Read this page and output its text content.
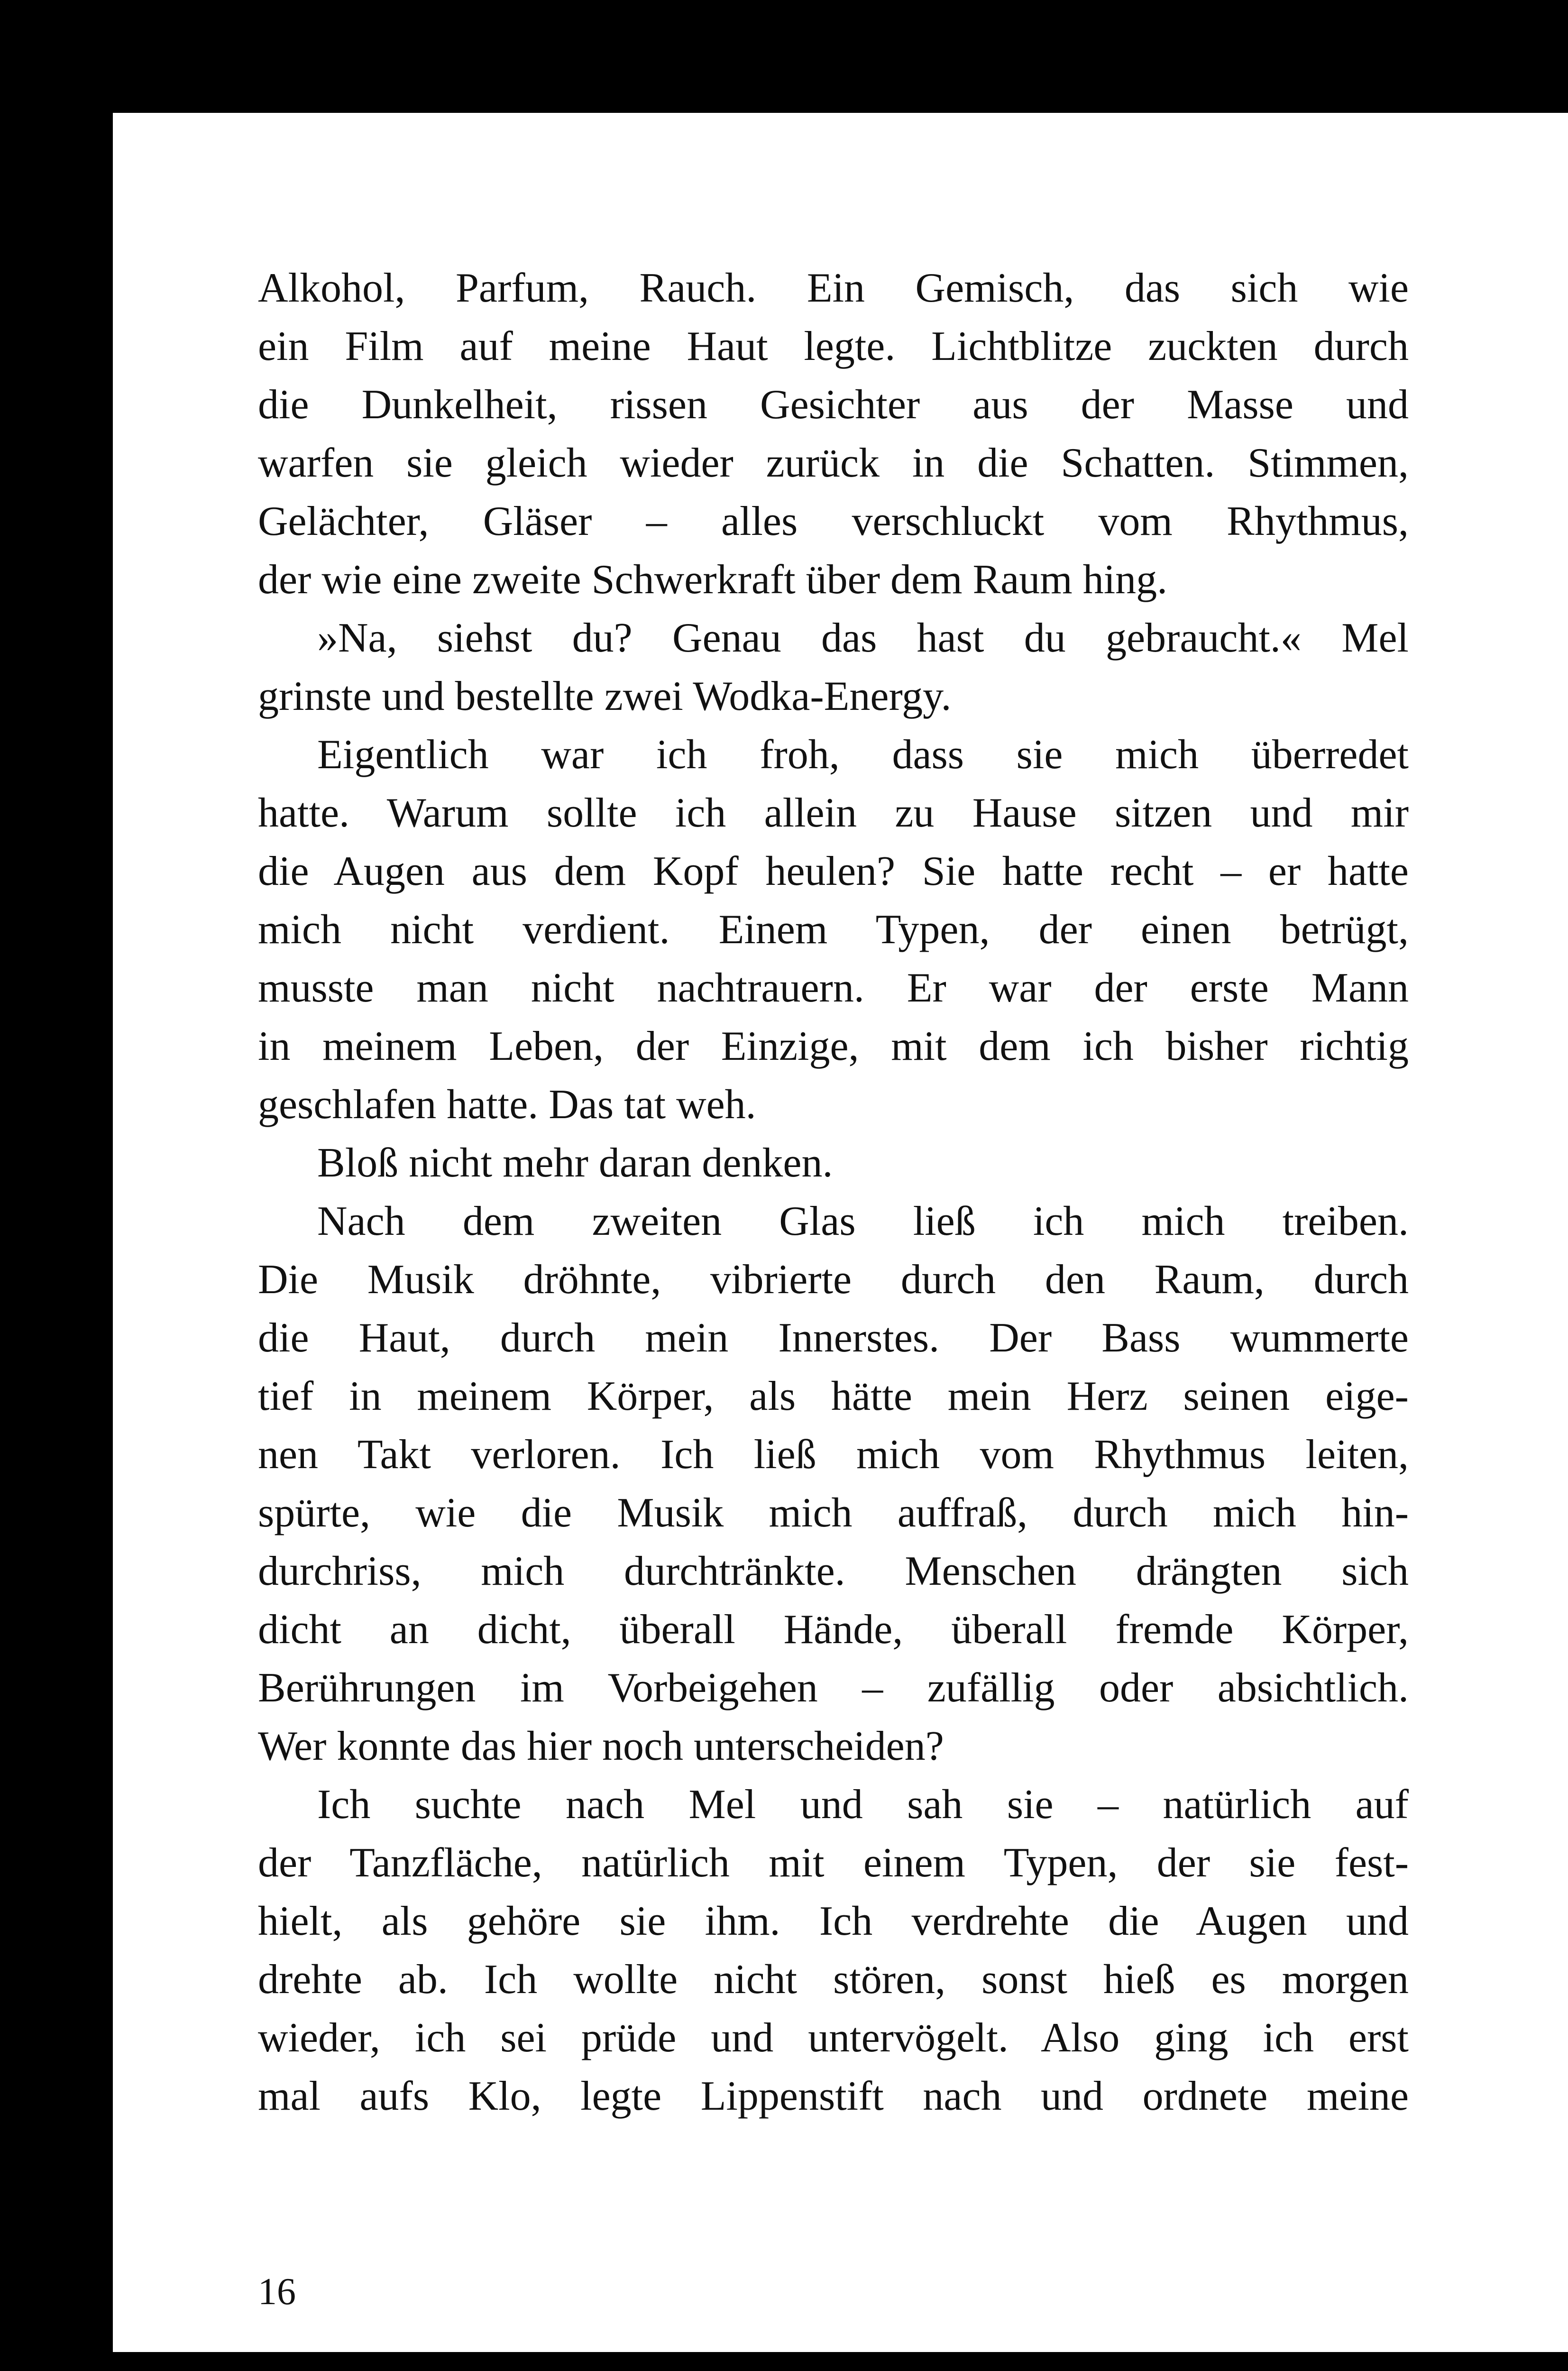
Alkohol, Parfum, Rauch. Ein Gemisch, das sich wie
ein Film auf meine Haut legte. Lichtblitze zuckten durch
die Dunkelheit, rissen Gesichter aus der Masse und
warfen sie gleich wieder zurück in die Schatten. Stimmen,
Gelächter, Gläser – alles verschluckt vom Rhythmus,
der wie eine zweite Schwerkraft über dem Raum hing.
»Na, siehst du? Genau das hast du gebraucht.« Mel
grinste und bestellte zwei Wodka-Energy.
Eigentlich war ich froh, dass sie mich überredet
hatte. Warum sollte ich allein zu Hause sitzen und mir
die Augen aus dem Kopf heulen? Sie hatte recht – er hatte
mich nicht verdient. Einem Typen, der einen betrügt,
musste man nicht nachtrauern. Er war der erste Mann
in meinem Leben, der Einzige, mit dem ich bisher richtig
geschlafen hatte. Das tat weh.
Bloß nicht mehr daran denken.
Nach dem zweiten Glas ließ ich mich treiben.
Die Musik dröhnte, vibrierte durch den Raum, durch
die Haut, durch mein Innerstes. Der Bass wummerte
tief in meinem Körper, als hätte mein Herz seinen eige-
nen Takt verloren. Ich ließ mich vom Rhythmus leiten,
spürte, wie die Musik mich auffraß, durch mich hin-
durchriss, mich durchtränkte. Menschen drängten sich
dicht an dicht, überall Hände, überall fremde Körper,
Berührungen im Vorbeigehen – zufällig oder absichtlich.
Wer konnte das hier noch unterscheiden?
Ich suchte nach Mel und sah sie – natürlich auf
der Tanzfläche, natürlich mit einem Typen, der sie fest-
hielt, als gehöre sie ihm. Ich verdrehte die Augen und
drehte ab. Ich wollte nicht stören, sonst hieß es morgen
wieder, ich sei prüde und untervögelt. Also ging ich erst
mal aufs Klo, legte Lippenstift nach und ordnete meine
16
